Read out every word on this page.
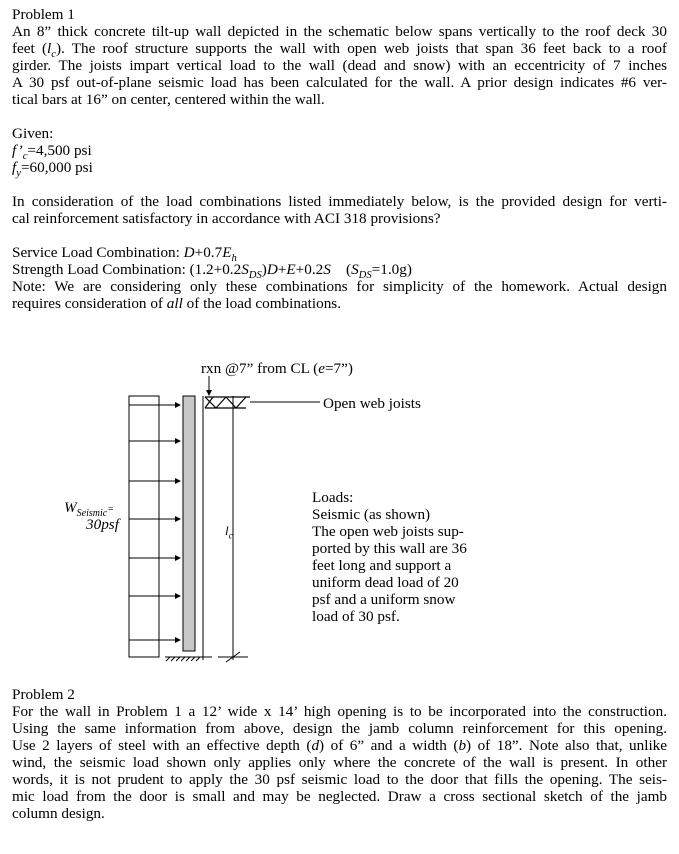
Problem 1
An 8” thick concrete tilt-up wall depicted in the schematic below spans vertically to the roof deck 30
feet $(l_c)$. The roof structure supports the wall with open web joists that span 36 feet back to a roof
girder. The joists impart vertical load to the wall (dead and snow) with an eccentricity of 7 inches
A 30 psf out-of-plane seismic load has been calculated for the wall. A prior design indicates #6 ver-
tical bars at 16” on center, centered within the wall.
Given:
$f’_c=4,500$ psi
$f_y=60,000$ psi
In consideration of the load combinations listed immediately below, is the provided design for verti-
cal reinforcement satisfactory in accordance with ACI 318 provisions?
Service Load Combination: $D+0.7E_h$
Strength Load Combination: $(1.2+0.2S_{DS})D+E+0.2S$    $(S_{DS}=1.0g)$
Note: We are considering only these combinations for simplicity of the homework. Actual design
requires consideration of all of the load combinations.
rxn @7” from CL (e=7”)
Open web joists
$W_{Seismic}=$
30psf	$l_c$
Loads:
Seismic (as shown)
The open web joists sup-
ported by this wall are 36
feet long and support a
uniform dead load of 20
psf and a uniform snow
load of 30 psf.
Problem 2
For the wall in Problem 1 a 12’ wide x 14’ high opening is to be incorporated into the construction.
Using the same information from above, design the jamb column reinforcement for this opening.
Use 2 layers of steel with an effective depth (d) of 6” and a width (b) of 18”. Note also that, unlike
wind, the seismic load shown only applies only where the concrete of the wall is present. In other
words, it is not prudent to apply the 30 psf seismic load to the door that fills the opening. The seis-
mic load from the door is small and may be neglected. Draw a cross sectional sketch of the jamb
column design.
